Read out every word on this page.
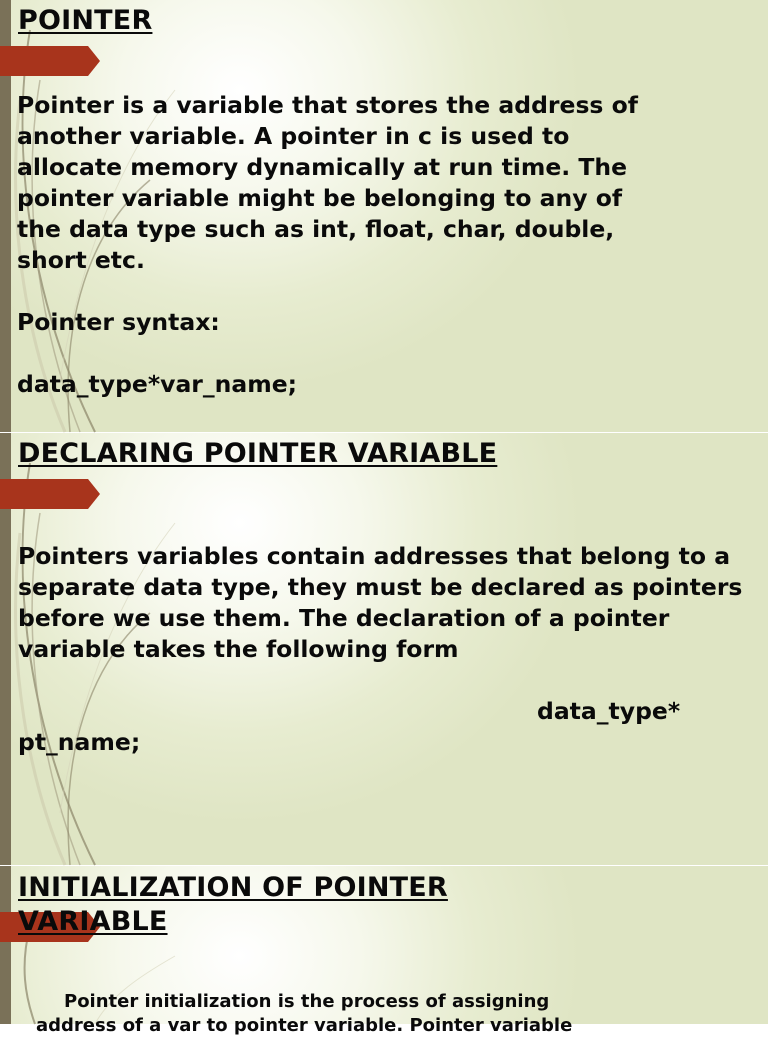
POINTER
Pointer is a variable that stores the address of another variable. A pointer in c is used to allocate memory dynamically at run time. The pointer variable might be belonging to any of the data type such as int, float, char, double, short etc.
Pointer syntax:
data_type*var_name;
DECLARING POINTER VARIABLE
Pointers variables contain addresses that belong to a separate data type, they must be declared as pointers before we use them. The declaration of a pointer variable takes the following form
data_type*
pt_name;
INITIALIZATION OF POINTER
VARIABLE
Pointer initialization is the process of assigning
address of a var to pointer variable. Pointer variable
